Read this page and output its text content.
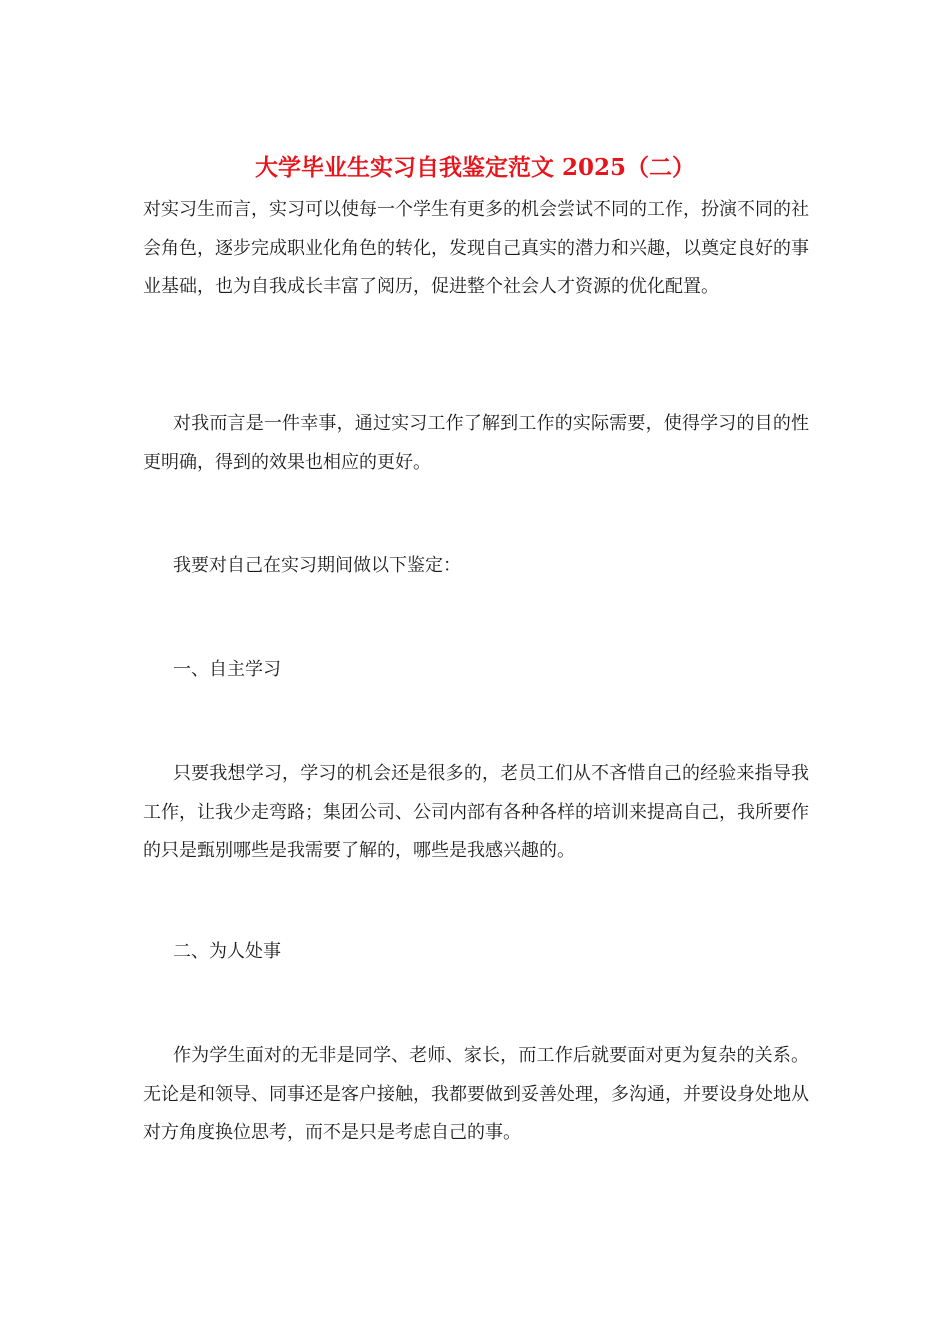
大学毕业生实习自我鉴定范文 2025（二）

对实习生而言，实习可以使每一个学生有更多的机会尝试不同的工作，扮演不同的社会角色，逐步完成职业化角色的转化，发现自己真实的潜力和兴趣，以奠定良好的事业基础，也为自我成长丰富了阅历，促进整个社会人才资源的优化配置。

对我而言是一件幸事，通过实习工作了解到工作的实际需要，使得学习的目的性更明确，得到的效果也相应的更好。

我要对自己在实习期间做以下鉴定：

一、自主学习

只要我想学习，学习的机会还是很多的，老员工们从不吝惜自己的经验来指导我工作，让我少走弯路；集团公司、公司内部有各种各样的培训来提高自己，我所要作的只是甄别哪些是我需要了解的，哪些是我感兴趣的。

二、为人处事

作为学生面对的无非是同学、老师、家长，而工作后就要面对更为复杂的关系。无论是和领导、同事还是客户接触，我都要做到妥善处理，多沟通，并要设身处地从对方角度换位思考，而不是只是考虑自己的事。
